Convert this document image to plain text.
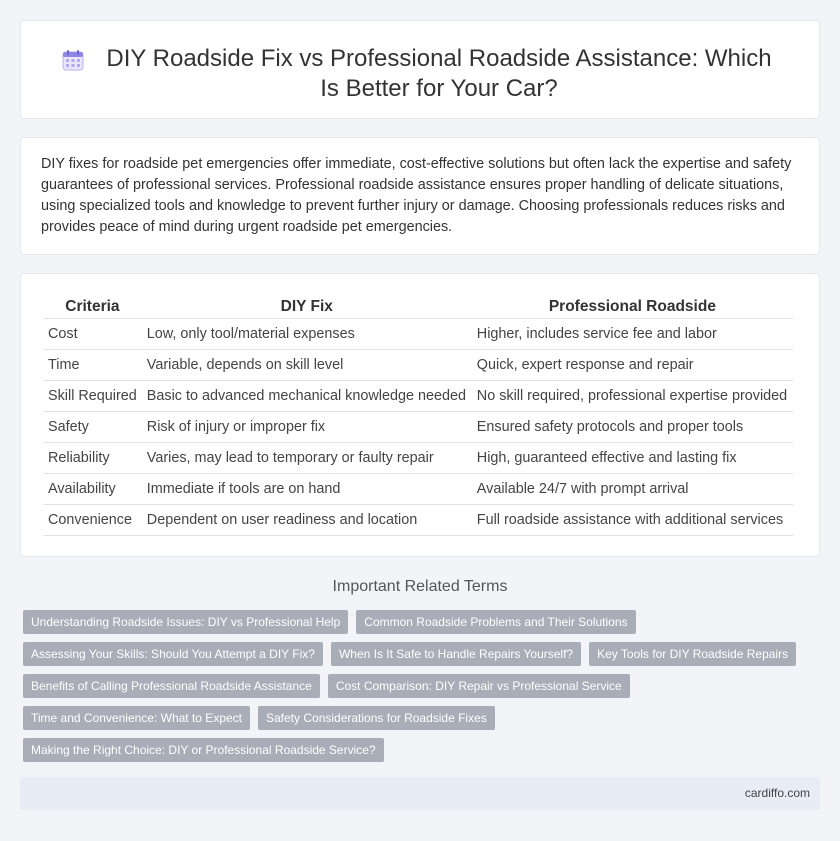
DIY Roadside Fix vs Professional Roadside Assistance: Which Is Better for Your Car?

DIY fixes for roadside pet emergencies offer immediate, cost-effective solutions but often lack the expertise and safety guarantees of professional services. Professional roadside assistance ensures proper handling of delicate situations, using specialized tools and knowledge to prevent further injury or damage. Choosing professionals reduces risks and provides peace of mind during urgent roadside pet emergencies.

Criteria	DIY Fix	Professional Roadside
Cost	Low, only tool/material expenses	Higher, includes service fee and labor
Time	Variable, depends on skill level	Quick, expert response and repair
Skill Required	Basic to advanced mechanical knowledge needed	No skill required, professional expertise provided
Safety	Risk of injury or improper fix	Ensured safety protocols and proper tools
Reliability	Varies, may lead to temporary or faulty repair	High, guaranteed effective and lasting fix
Availability	Immediate if tools are on hand	Available 24/7 with prompt arrival
Convenience	Dependent on user readiness and location	Full roadside assistance with additional services
Important Related Terms
Understanding Roadside Issues: DIY vs Professional Help	Common Roadside Problems and Their Solutions
Assessing Your Skills: Should You Attempt a DIY Fix?	When Is It Safe to Handle Repairs Yourself?	Key Tools for DIY Roadside Repairs
Benefits of Calling Professional Roadside Assistance	Cost Comparison: DIY Repair vs Professional Service
Time and Convenience: What to Expect	Safety Considerations for Roadside Fixes
Making the Right Choice: DIY or Professional Roadside Service?
cardiffo.com
